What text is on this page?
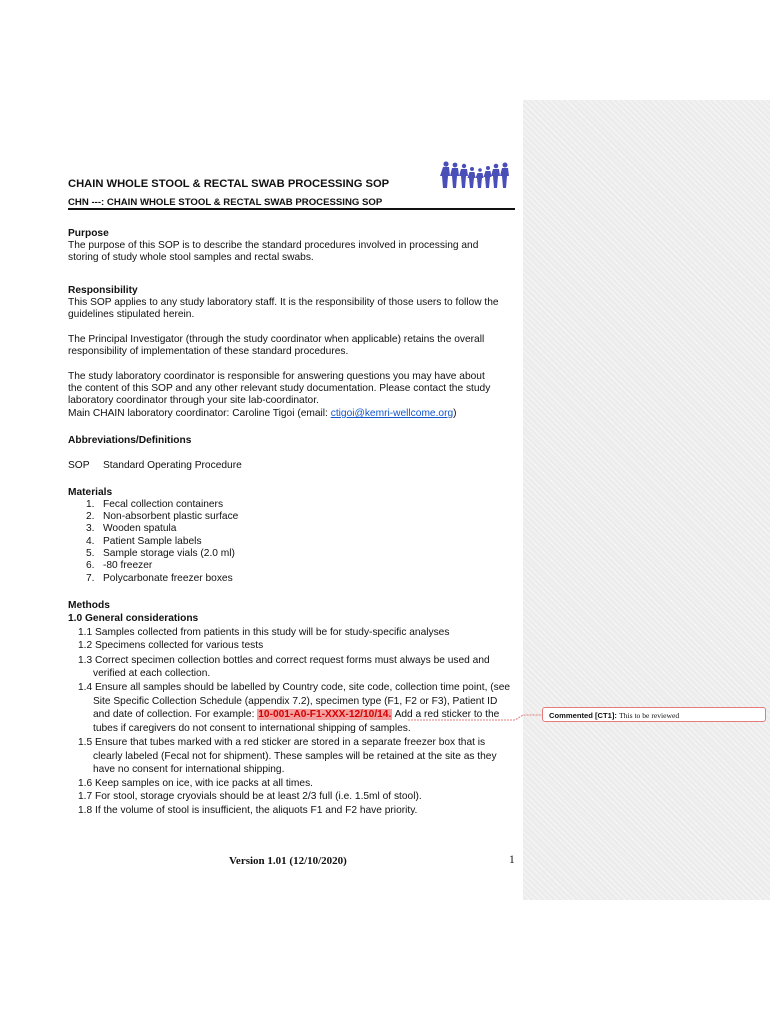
CHAIN WHOLE STOOL & RECTAL SWAB PROCESSING SOP
CHN ---: CHAIN WHOLE STOOL & RECTAL SWAB PROCESSING SOP
Purpose
The purpose of this SOP is to describe the standard procedures involved in processing and
storing of study whole stool samples and rectal swabs.
Responsibility
This SOP applies to any study laboratory staff. It is the responsibility of those users to follow the
guidelines stipulated herein.
The Principal Investigator (through the study coordinator when applicable) retains the overall
responsibility of implementation of these standard procedures.
The study laboratory coordinator is responsible for answering questions you may have about
the content of this SOP and any other relevant study documentation. Please contact the study
laboratory coordinator through your site lab-coordinator.
Main CHAIN laboratory coordinator: Caroline Tigoi (email: ctigoi@kemri-wellcome.org)
Abbreviations/Definitions
SOP Standard Operating Procedure
Materials
1. Fecal collection containers
2. Non-absorbent plastic surface
3. Wooden spatula
4. Patient Sample labels
5. Sample storage vials (2.0 ml)
6. -80 freezer
7. Polycarbonate freezer boxes
Methods
1.0 General considerations
1.1 Samples collected from patients in this study will be for study-specific analyses
1.2 Specimens collected for various tests
1.3 Correct specimen collection bottles and correct request forms must always be used and
verified at each collection.
1.4 Ensure all samples should be labelled by Country code, site code, collection time point, (see
Site Specific Collection Schedule (appendix 7.2), specimen type (F1, F2 or F3), Patient ID
and date of collection. For example: 10-001-A0-F1-XXX-12/10/14. Add a red sticker to the
tubes if caregivers do not consent to international shipping of samples.
1.5 Ensure that tubes marked with a red sticker are stored in a separate freezer box that is
clearly labeled (Fecal not for shipment). These samples will be retained at the site as they
have no consent for international shipping.
1.6 Keep samples on ice, with ice packs at all times.
1.7 For stool, storage cryovials should be at least 2/3 full (i.e. 1.5ml of stool).
1.8 If the volume of stool is insufficient, the aliquots F1 and F2 have priority.
Version 1.01 (12/10/2020)	1
Commented [CT1]: This to be reviewed
